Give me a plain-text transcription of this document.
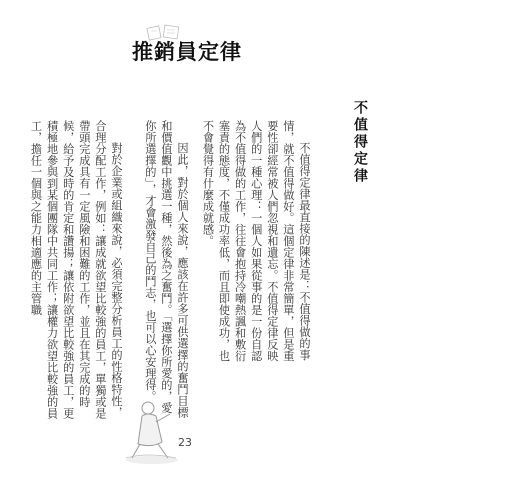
推銷員定律
不值得定律

不值得定律最直接的陳述是：不值得做的事情，就不值得做好。這個定律非常簡單，但是重要性卻經常被人們忽視和遺忘。不值得定律反映人們的一種心理：一個人如果從事的是一份自認為不值得做的工作，往往會抱持冷嘲熱諷和敷衍塞責的態度，不僅成功率低，而且即使成功，也不會覺得有什麼成就感。

因此，對於個人來說，應該在許多可供選擇的奮鬥目標和價值觀中挑選一種，然後為之奮鬥。「選擇你所愛的，愛你所選擇的」，才會激發自己的鬥志，也可以心安理得。

對於企業或組織來說，必須完整分析員工的性格特性，合理分配工作，例如：讓成就欲望比較強的員工，單獨或是帶頭完成具有一定風險和困難的工作，並且在其完成的時候，給予及時的肯定和讚揚；讓依附欲望比較強的員工，更積極地參與到某個團隊中共同工作；讓權力欲望比較強的員工，擔任一個與之能力相適應的主管職

23
